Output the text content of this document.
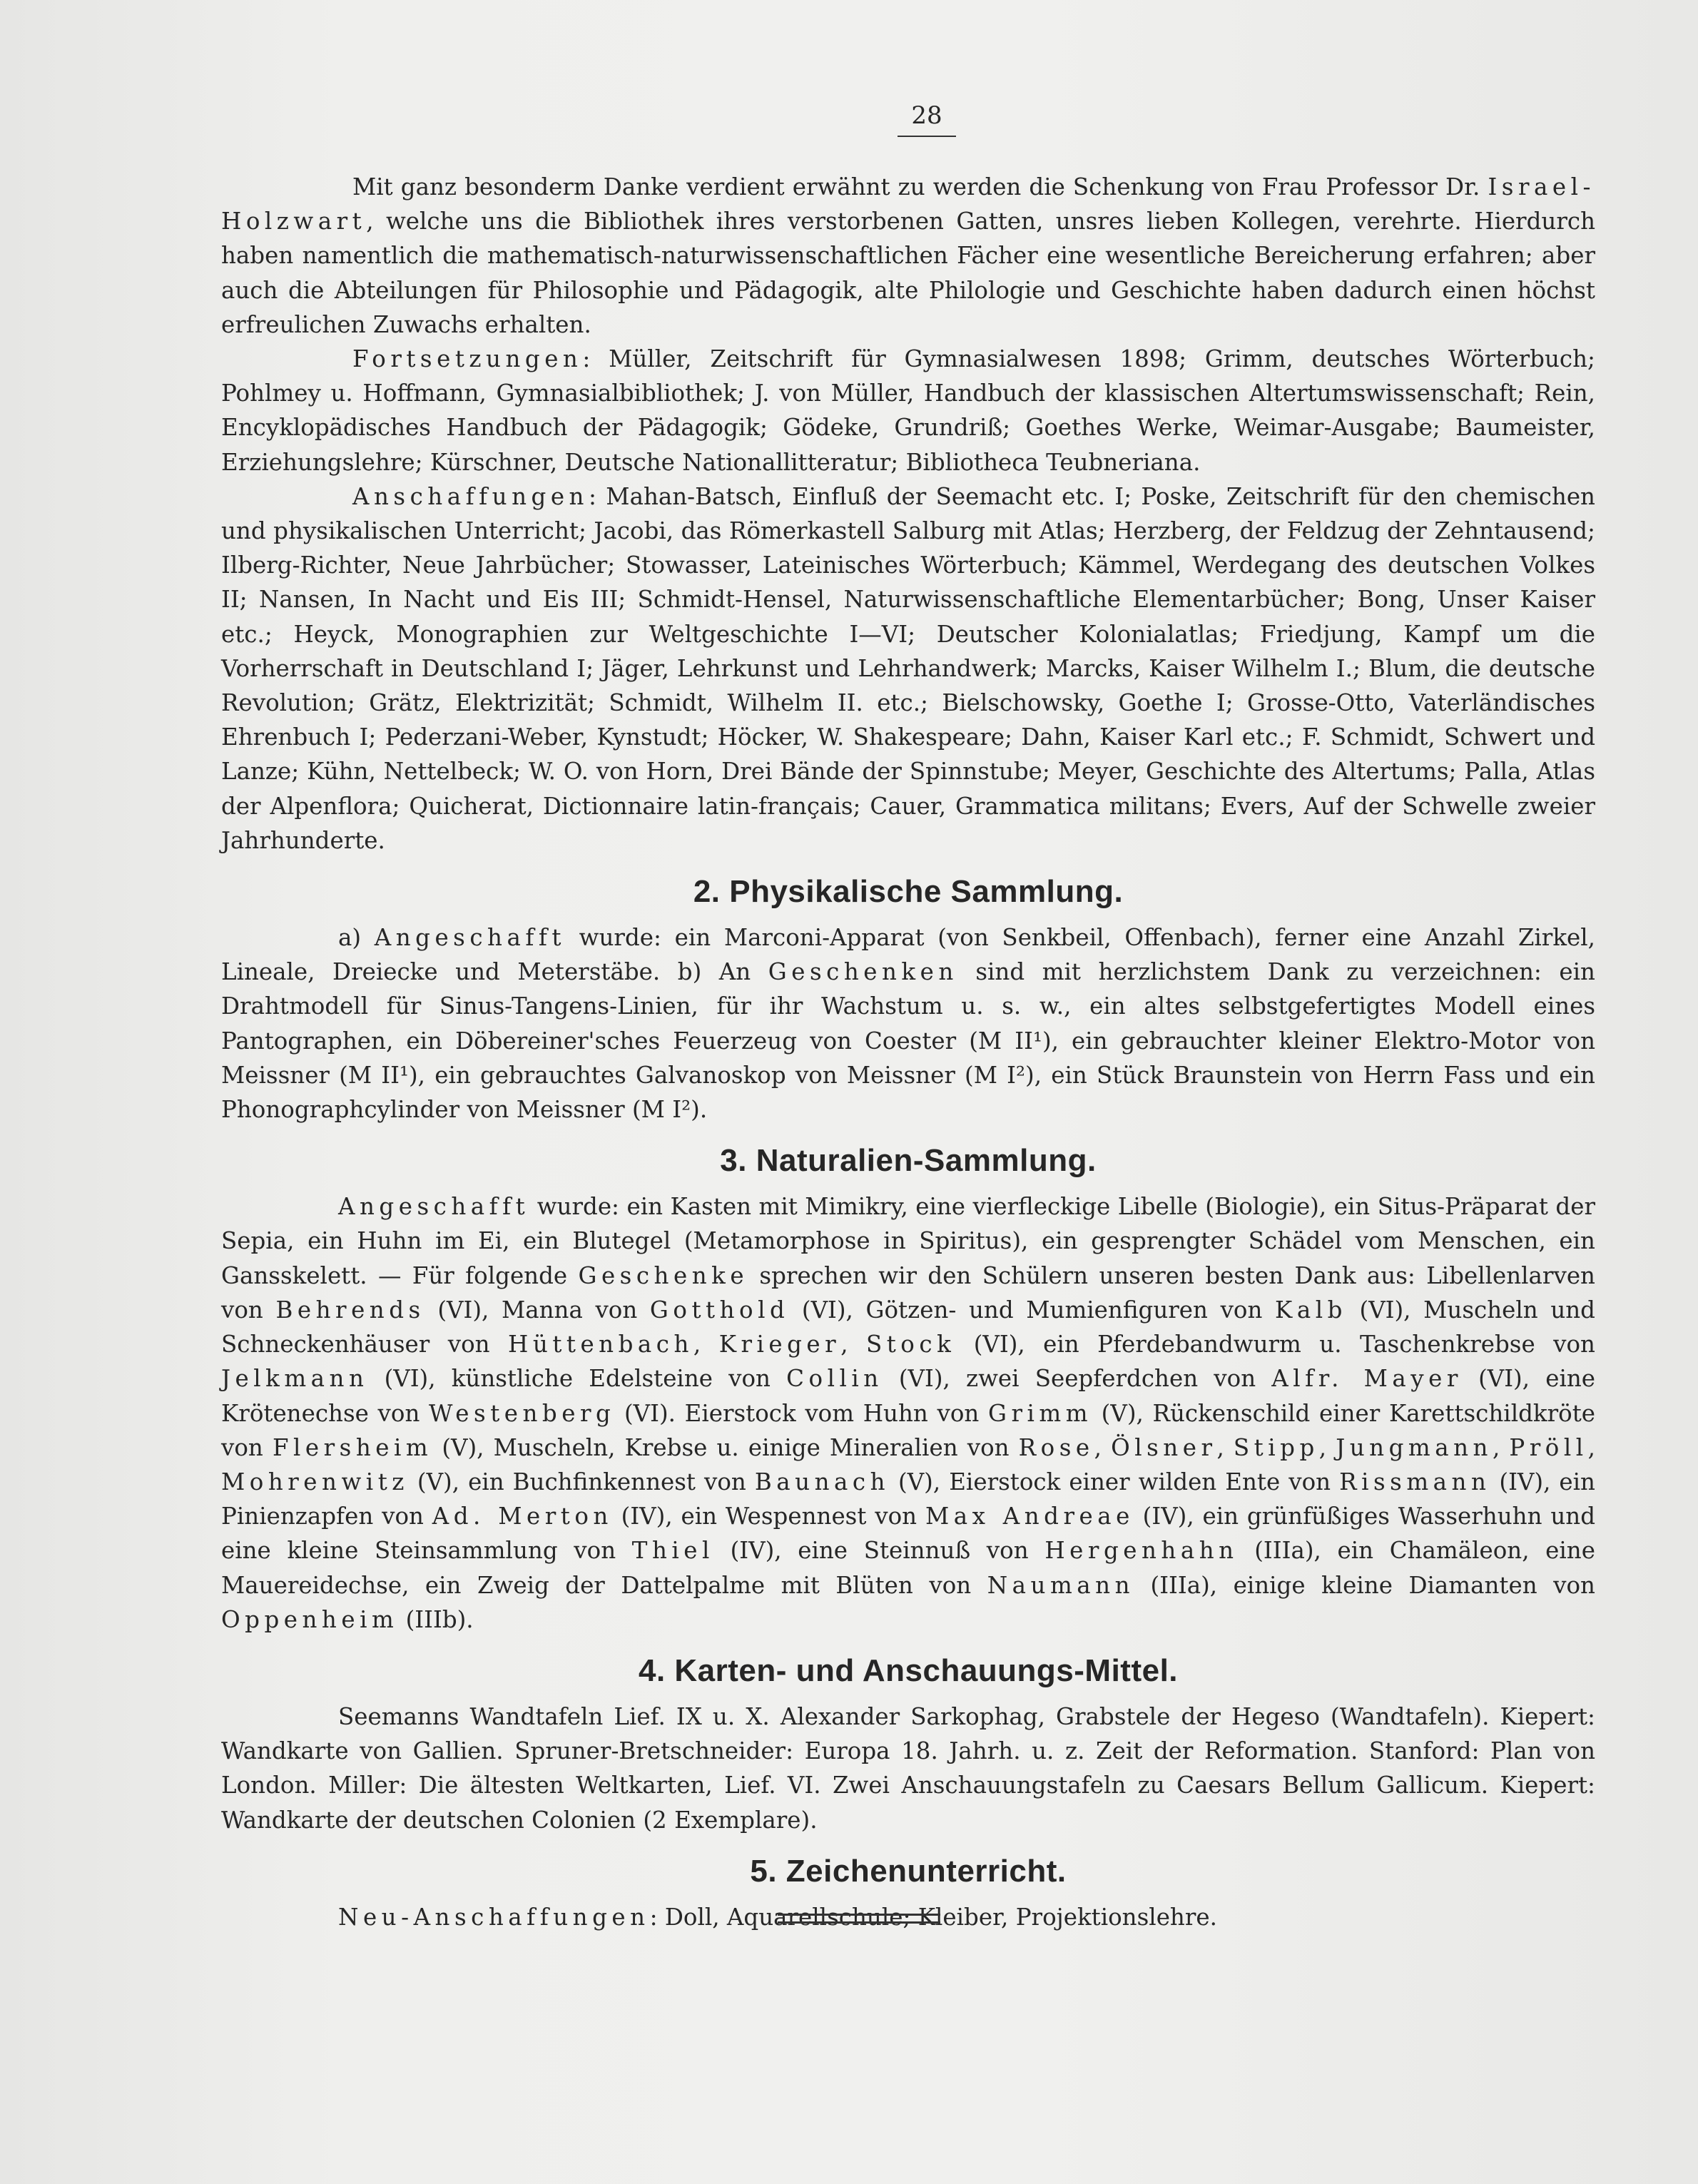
28

Mit ganz besonderm Danke verdient erwähnt zu werden die Schenkung von Frau Professor Dr. Israel-Holzwart, welche uns die Bibliothek ihres verstorbenen Gatten, unsres lieben Kollegen, verehrte. Hierdurch haben namentlich die mathematisch-naturwissenschaftlichen Fächer eine wesentliche Bereicherung erfahren; aber auch die Abteilungen für Philosophie und Pädagogik, alte Philologie und Geschichte haben dadurch einen höchst erfreulichen Zuwachs erhalten.

Fortsetzungen: Müller, Zeitschrift für Gymnasialwesen 1898; Grimm, deutsches Wörterbuch; Pohlmey u. Hoffmann, Gymnasialbibliothek; J. von Müller, Handbuch der klassischen Altertumswissenschaft; Rein, Encyklopädisches Handbuch der Pädagogik; Gödeke, Grundriß; Goethes Werke, Weimar-Ausgabe; Baumeister, Erziehungslehre; Kürschner, Deutsche Nationallitteratur; Bibliotheca Teubneriana.

Anschaffungen: Mahan-Batsch, Einfluß der Seemacht etc. I; Poske, Zeitschrift für den chemischen und physikalischen Unterricht; Jacobi, das Römerkastell Salburg mit Atlas; Herzberg, der Feldzug der Zehntausend; Ilberg-Richter, Neue Jahrbücher; Stowasser, Lateinisches Wörterbuch; Kämmel, Werdegang des deutschen Volkes II; Nansen, In Nacht und Eis III; Schmidt-Hensel, Naturwissenschaftliche Elementarbücher; Bong, Unser Kaiser etc.; Heyck, Monographien zur Weltgeschichte I—VI; Deutscher Kolonialatlas; Friedjung, Kampf um die Vorherrschaft in Deutschland I; Jäger, Lehrkunst und Lehrhandwerk; Marcks, Kaiser Wilhelm I.; Blum, die deutsche Revolution; Grätz, Elektrizität; Schmidt, Wilhelm II. etc.; Bielschowsky, Goethe I; Grosse-Otto, Vaterländisches Ehrenbuch I; Pederzani-Weber, Kynstudt; Höcker, W. Shakespeare; Dahn, Kaiser Karl etc.; F. Schmidt, Schwert und Lanze; Kühn, Nettelbeck; W. O. von Horn, Drei Bände der Spinnstube; Meyer, Geschichte des Altertums; Palla, Atlas der Alpenflora; Quicherat, Dictionnaire latin-français; Cauer, Grammatica militans; Evers, Auf der Schwelle zweier Jahrhunderte.

2. Physikalische Sammlung.

a) Angeschafft wurde: ein Marconi-Apparat (von Senkbeil, Offenbach), ferner eine Anzahl Zirkel, Lineale, Dreiecke und Meterstäbe. b) An Geschenken sind mit herzlichstem Dank zu verzeichnen: ein Drahtmodell für Sinus-Tangens-Linien, für ihr Wachstum u. s. w., ein altes selbstgefertigtes Modell eines Pantographen, ein Döbereiner'sches Feuerzeug von Coester (M II¹), ein gebrauchter kleiner Elektro-Motor von Meissner (M II¹), ein gebrauchtes Galvanoskop von Meissner (M I²), ein Stück Braunstein von Herrn Fass und ein Phonographcylinder von Meissner (M I²).

3. Naturalien-Sammlung.

Angeschafft wurde: ein Kasten mit Mimikry, eine vierfleckige Libelle (Biologie), ein Situs-Präparat der Sepia, ein Huhn im Ei, ein Blutegel (Metamorphose in Spiritus), ein gesprengter Schädel vom Menschen, ein Gansskelett. — Für folgende Geschenke sprechen wir den Schülern unseren besten Dank aus: Libellenlarven von Behrends (VI), Manna von Gotthold (VI), Götzen- und Mumienfiguren von Kalb (VI), Muscheln und Schneckenhäuser von Hüttenbach, Krieger, Stock (VI), ein Pferdebandwurm u. Taschenkrebse von Jelkmann (VI), künstliche Edelsteine von Collin (VI), zwei Seepferdchen von Alfr. Mayer (VI), eine Krötenechse von Westenberg (VI). Eierstock vom Huhn von Grimm (V), Rückenschild einer Karettschildkröte von Flersheim (V), Muscheln, Krebse u. einige Mineralien von Rose, Ölsner, Stipp, Jungmann, Pröll, Mohrenwitz (V), ein Buchfinkennest von Baunach (V), Eierstock einer wilden Ente von Rissmann (IV), ein Pinienzapfen von Ad. Merton (IV), ein Wespennest von Max Andreae (IV), ein grünfüßiges Wasserhuhn und eine kleine Steinsammlung von Thiel (IV), eine Steinnuß von Hergenhahn (IIIa), ein Chamäleon, eine Mauereidechse, ein Zweig der Dattelpalme mit Blüten von Naumann (IIIa), einige kleine Diamanten von Oppenheim (IIIb).

4. Karten- und Anschauungs-Mittel.

Seemanns Wandtafeln Lief. IX u. X. Alexander Sarkophag, Grabstele der Hegeso (Wandtafeln). Kiepert: Wandkarte von Gallien. Spruner-Bretschneider: Europa 18. Jahrh. u. z. Zeit der Reformation. Stanford: Plan von London. Miller: Die ältesten Weltkarten, Lief. VI. Zwei Anschauungstafeln zu Caesars Bellum Gallicum. Kiepert: Wandkarte der deutschen Colonien (2 Exemplare).

5. Zeichenunterricht.

Neu-Anschaffungen: Doll, Aquarellschule; Kleiber, Projektionslehre.
